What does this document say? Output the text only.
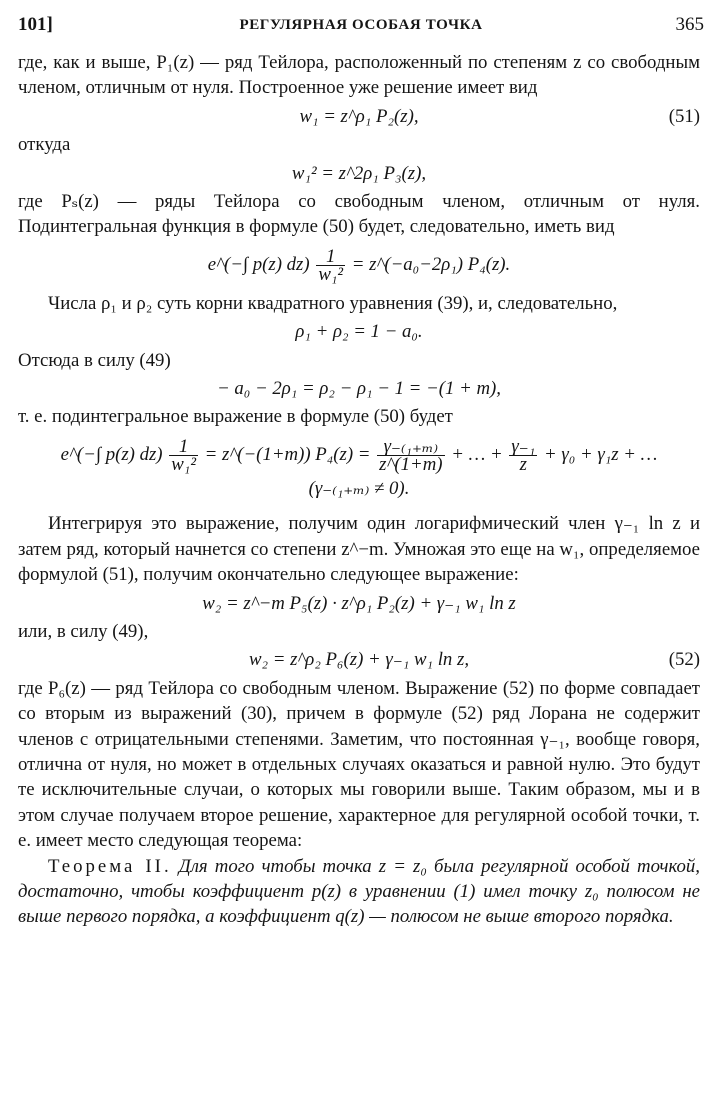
101]	РЕГУЛЯРНАЯ ОСОБАЯ ТОЧКА	365

где, как и выше, P₁(z) — ряд Тейлора, расположенный по степеням z со свободным членом, отличным от нуля. Построенное уже решение имеет вид

w₁ = z^ρ₁ P₂(z),	(51)

откуда

w₁² = z^2ρ₁ P₃(z),

где Pₛ(z) — ряды Тейлора со свободным членом, отличным от нуля. Подинтегральная функция в формуле (50) будет, следовательно, иметь вид

e^(−∫ p(z) $dz) \frac{1}{\text{w₁²}}$ = z^(−a₀−2ρ₁) P₄(z).

Числа ρ₁ и ρ₂ суть корни квадратного уравнения (39), и, следовательно,

ρ₁ + ρ₂ = 1 − a₀.

Отсюда в силу (49)

− a₀ − 2ρ₁ = ρ₂ − ρ₁ − 1 = −(1 + m),

т. е. подинтегральное выражение в формуле (50) будет

e^(−∫ p(z) $dz) \frac{1}{\text{w₁²}}$ = z^(−(1+m)) $P_4(z) = \frac{\text{γ₋₍₁₊ₘ₎}}{z\^{}(1+m)}$ + … + $\frac{\text{γ₋₁}}{z} + \gamma_0 + \gamma_1z$ + …
(γ₋₍₁₊ₘ₎ ≠ 0).

Интегрируя это выражение, получим один логарифмический член γ₋₁ ln z и затем ряд, который начнется со степени z^−m. Умножая это еще на w₁, определяемое формулой (51), получим окончательно следующее выражение:

w₂ = z^−m P₅(z) · z^ρ₁ P₂(z) + γ₋₁ w₁ ln z

или, в силу (49),

w₂ = z^ρ₂ P₆(z) + γ₋₁ w₁ ln z,	(52)

где P₆(z) — ряд Тейлора со свободным членом. Выражение (52) по форме совпадает со вторым из выражений (30), причем в формуле (52) ряд Лорана не содержит членов с отрицательными степенями. Заметим, что постоянная γ₋₁, вообще говоря, отлична от нуля, но может в отдельных случаях оказаться и равной нулю. Это будут те исключительные случаи, о которых мы говорили выше. Таким образом, мы и в этом случае получаем второе решение, характерное для регулярной особой точки, т. е. имеет место следующая теорема:

Теорема II. Для того чтобы точка z = z₀ была регулярной особой точкой, достаточно, чтобы коэффициент p(z) в уравнении (1) имел точку z₀ полюсом не выше первого порядка, а коэффициент q(z) — полюсом не выше второго порядка.
